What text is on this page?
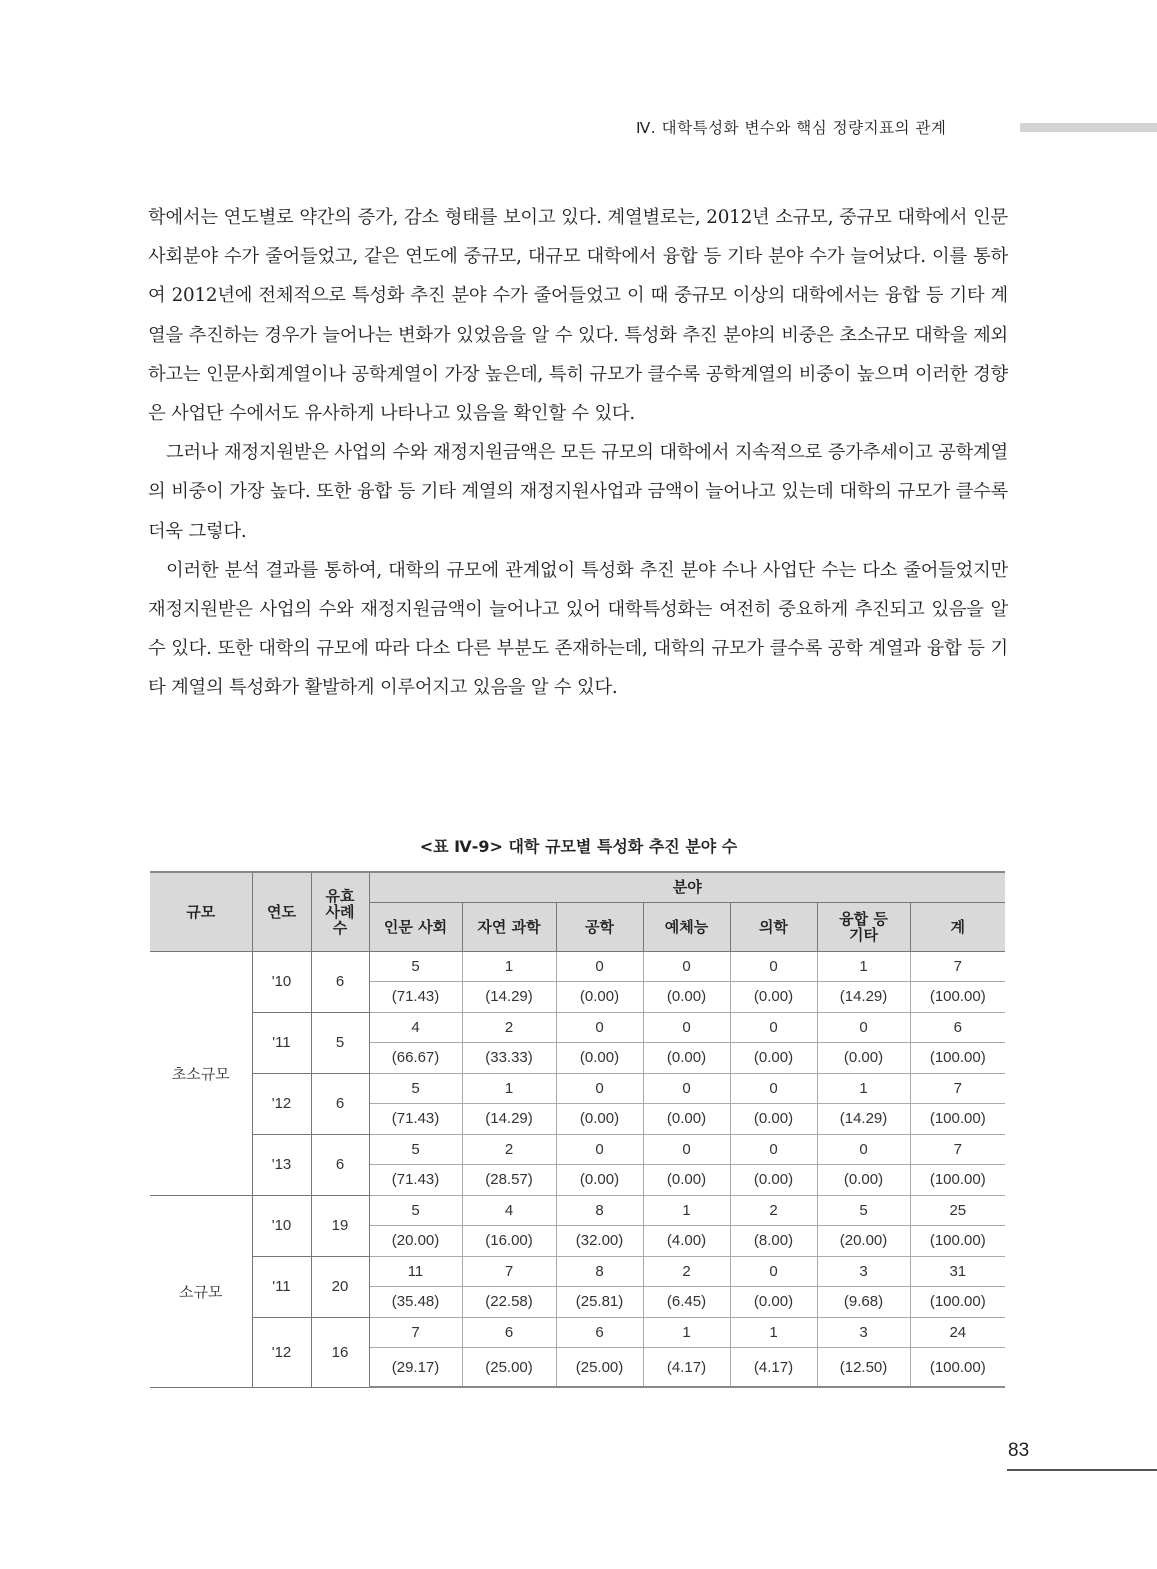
Ⅳ. 대학특성화 변수와 핵심 정량지표의 관계

학에서는 연도별로 약간의 증가, 감소 형태를 보이고 있다. 계열별로는, 2012년 소규모, 중규모 대학에서 인문사회분야 수가 줄어들었고, 같은 연도에 중규모, 대규모 대학에서 융합 등 기타 분야 수가 늘어났다. 이를 통하여 2012년에 전체적으로 특성화 추진 분야 수가 줄어들었고 이 때 중규모 이상의 대학에서는 융합 등 기타 계열을 추진하는 경우가 늘어나는 변화가 있었음을 알 수 있다. 특성화 추진 분야의 비중은 초소규모 대학을 제외하고는 인문사회계열이나 공학계열이 가장 높은데, 특히 규모가 클수록 공학계열의 비중이 높으며 이러한 경향은 사업단 수에서도 유사하게 나타나고 있음을 확인할 수 있다.

그러나 재정지원받은 사업의 수와 재정지원금액은 모든 규모의 대학에서 지속적으로 증가추세이고 공학계열의 비중이 가장 높다. 또한 융합 등 기타 계열의 재정지원사업과 금액이 늘어나고 있는데 대학의 규모가 클수록 더욱 그렇다.

이러한 분석 결과를 통하여, 대학의 규모에 관계없이 특성화 추진 분야 수나 사업단 수는 다소 줄어들었지만 재정지원받은 사업의 수와 재정지원금액이 늘어나고 있어 대학특성화는 여전히 중요하게 추진되고 있음을 알 수 있다. 또한 대학의 규모에 따라 다소 다른 부분도 존재하는데, 대학의 규모가 클수록 공학 계열과 융합 등 기타 계열의 특성화가 활발하게 이루어지고 있음을 알 수 있다.

<표 Ⅳ-9> 대학 규모별 특성화 추진 분야 수
규모	연도	유효 사례 수	분야						
			인문 사회	자연 과학	공학	예체능	의학	융합 등 기타	계
초소규모	'10	6	5	1	0	0	0	1	7
			(71.43)	(14.29)	(0.00)	(0.00)	(0.00)	(14.29)	(100.00)
	'11	5	4	2	0	0	0	0	6
			(66.67)	(33.33)	(0.00)	(0.00)	(0.00)	(0.00)	(100.00)
	'12	6	5	1	0	0	0	1	7
			(71.43)	(14.29)	(0.00)	(0.00)	(0.00)	(14.29)	(100.00)
	'13	6	5	2	0	0	0	0	7
			(71.43)	(28.57)	(0.00)	(0.00)	(0.00)	(0.00)	(100.00)
소규모	'10	19	5	4	8	1	2	5	25
			(20.00)	(16.00)	(32.00)	(4.00)	(8.00)	(20.00)	(100.00)
	'11	20	11	7	8	2	0	3	31
			(35.48)	(22.58)	(25.81)	(6.45)	(0.00)	(9.68)	(100.00)
	'12	16	7	6	6	1	1	3	24
			(29.17)	(25.00)	(25.00)	(4.17)	(4.17)	(12.50)	(100.00)
83
